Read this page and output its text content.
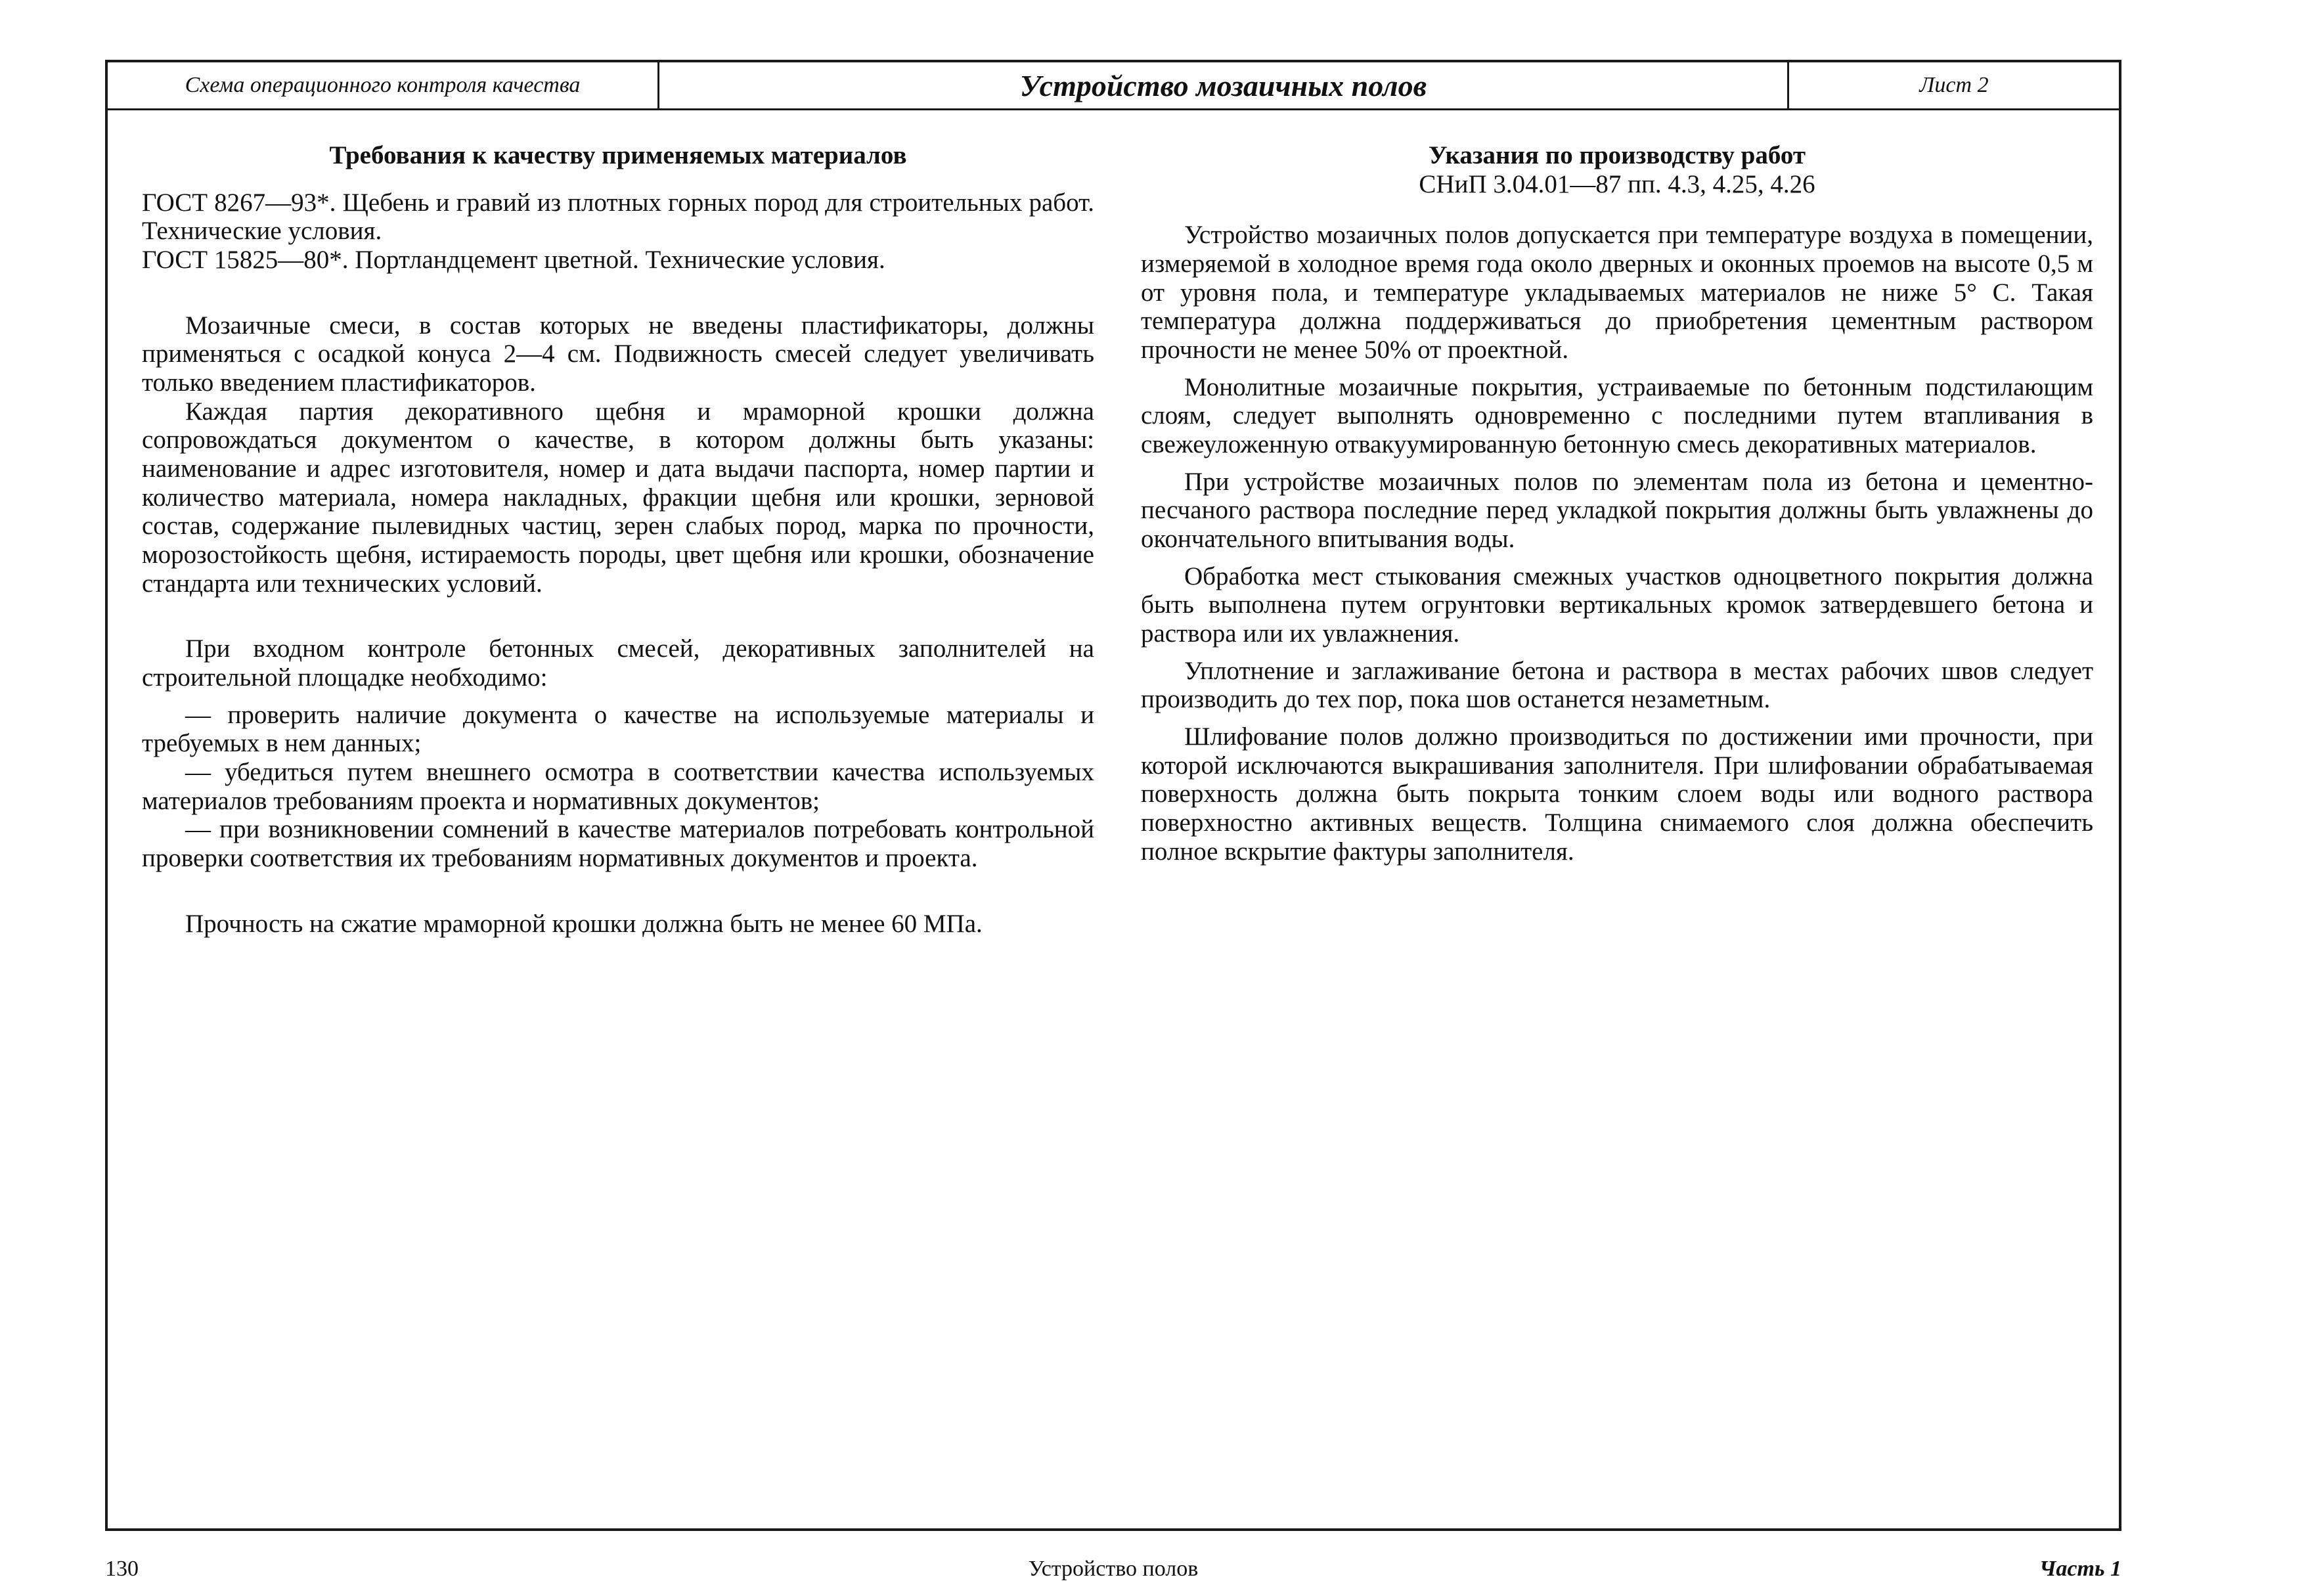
Схема операционного контроля качества	Устройство мозаичных полов	Лист 2
Требования к качеству применяемых материалов

ГОСТ 8267—93*. Щебень и гравий из плотных горных пород для строительных работ. Технические условия.

ГОСТ 15825—80*. Портландцемент цветной. Технические условия.

Мозаичные смеси, в состав которых не введены пластификаторы, должны применяться с осадкой конуса 2—4 см. Подвижность смесей следует увеличивать только введением пластификаторов.

Каждая партия декоративного щебня и мраморной крошки должна сопровождаться документом о качестве, в котором должны быть указаны: наименование и адрес изготовителя, номер и дата выдачи паспорта, номер партии и количество материала, номера накладных, фракции щебня или крошки, зерновой состав, содержание пылевидных частиц, зерен слабых пород, марка по прочности, морозостойкость щебня, истираемость породы, цвет щебня или крошки, обозначение стандарта или технических условий.

При входном контроле бетонных смесей, декоративных заполнителей на строительной площадке необходимо:

— проверить наличие документа о качестве на используемые материалы и требуемых в нем данных;

— убедиться путем внешнего осмотра в соответствии качества используемых материалов требованиям проекта и нормативных документов;

— при возникновении сомнений в качестве материалов потребовать контрольной проверки соответствия их требованиям нормативных документов и проекта.

Прочность на сжатие мраморной крошки должна быть не менее 60 МПа.

Указания по производству работ
СНиП 3.04.01—87 пп. 4.3, 4.25, 4.26

Устройство мозаичных полов допускается при температуре воздуха в помещении, измеряемой в холодное время года около дверных и оконных проемов на высоте 0,5 м от уровня пола, и температуре укладываемых материалов не ниже 5° С. Такая температура должна поддерживаться до приобретения цементным раствором прочности не менее 50% от проектной.

Монолитные мозаичные покрытия, устраиваемые по бетонным подстилающим слоям, следует выполнять одновременно с последними путем втапливания в свежеуложенную отвакуумированную бетонную смесь декоративных материалов.

При устройстве мозаичных полов по элементам пола из бетона и цементно-песчаного раствора последние перед укладкой покрытия должны быть увлажнены до окончательного впитывания воды.

Обработка мест стыкования смежных участков одноцветного покрытия должна быть выполнена путем огрунтовки вертикальных кромок затвердевшего бетона и раствора или их увлажнения.

Уплотнение и заглаживание бетона и раствора в местах рабочих швов следует производить до тех пор, пока шов останется незаметным.

Шлифование полов должно производиться по достижении ими прочности, при которой исключаются выкрашивания заполнителя. При шлифовании обрабатываемая поверхность должна быть покрыта тонким слоем воды или водного раствора поверхностно активных веществ. Толщина снимаемого слоя должна обеспечить полное вскрытие фактуры заполнителя.

130	Устройство полов	Часть 1
